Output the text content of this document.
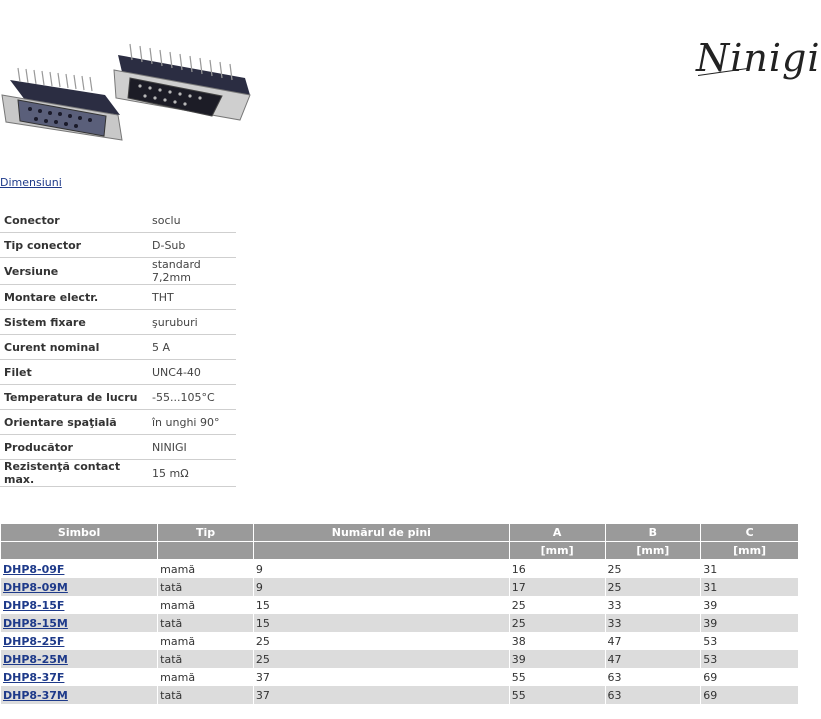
Ninigi
Dimensiuni
Conector	soclu
Tip conector	D-Sub
Versiune	standard 7,2mm
Montare electr.	THT
Sistem fixare	şuruburi
Curent nominal	5 A
Filet	UNC4-40
Temperatura de lucru	-55...105°C
Orientare spaţială	în unghi 90°
Producător	NINIGI
Rezistenţă contact max.	15 mΩ
Simbol	Tip	Numărul de pini	A	B	C
			[mm]	[mm]	[mm]
DHP8-09F	mamă	9	16	25	31
DHP8-09M	tată	9	17	25	31
DHP8-15F	mamă	15	25	33	39
DHP8-15M	tată	15	25	33	39
DHP8-25F	mamă	25	38	47	53
DHP8-25M	tată	25	39	47	53
DHP8-37F	mamă	37	55	63	69
DHP8-37M	tată	37	55	63	69
